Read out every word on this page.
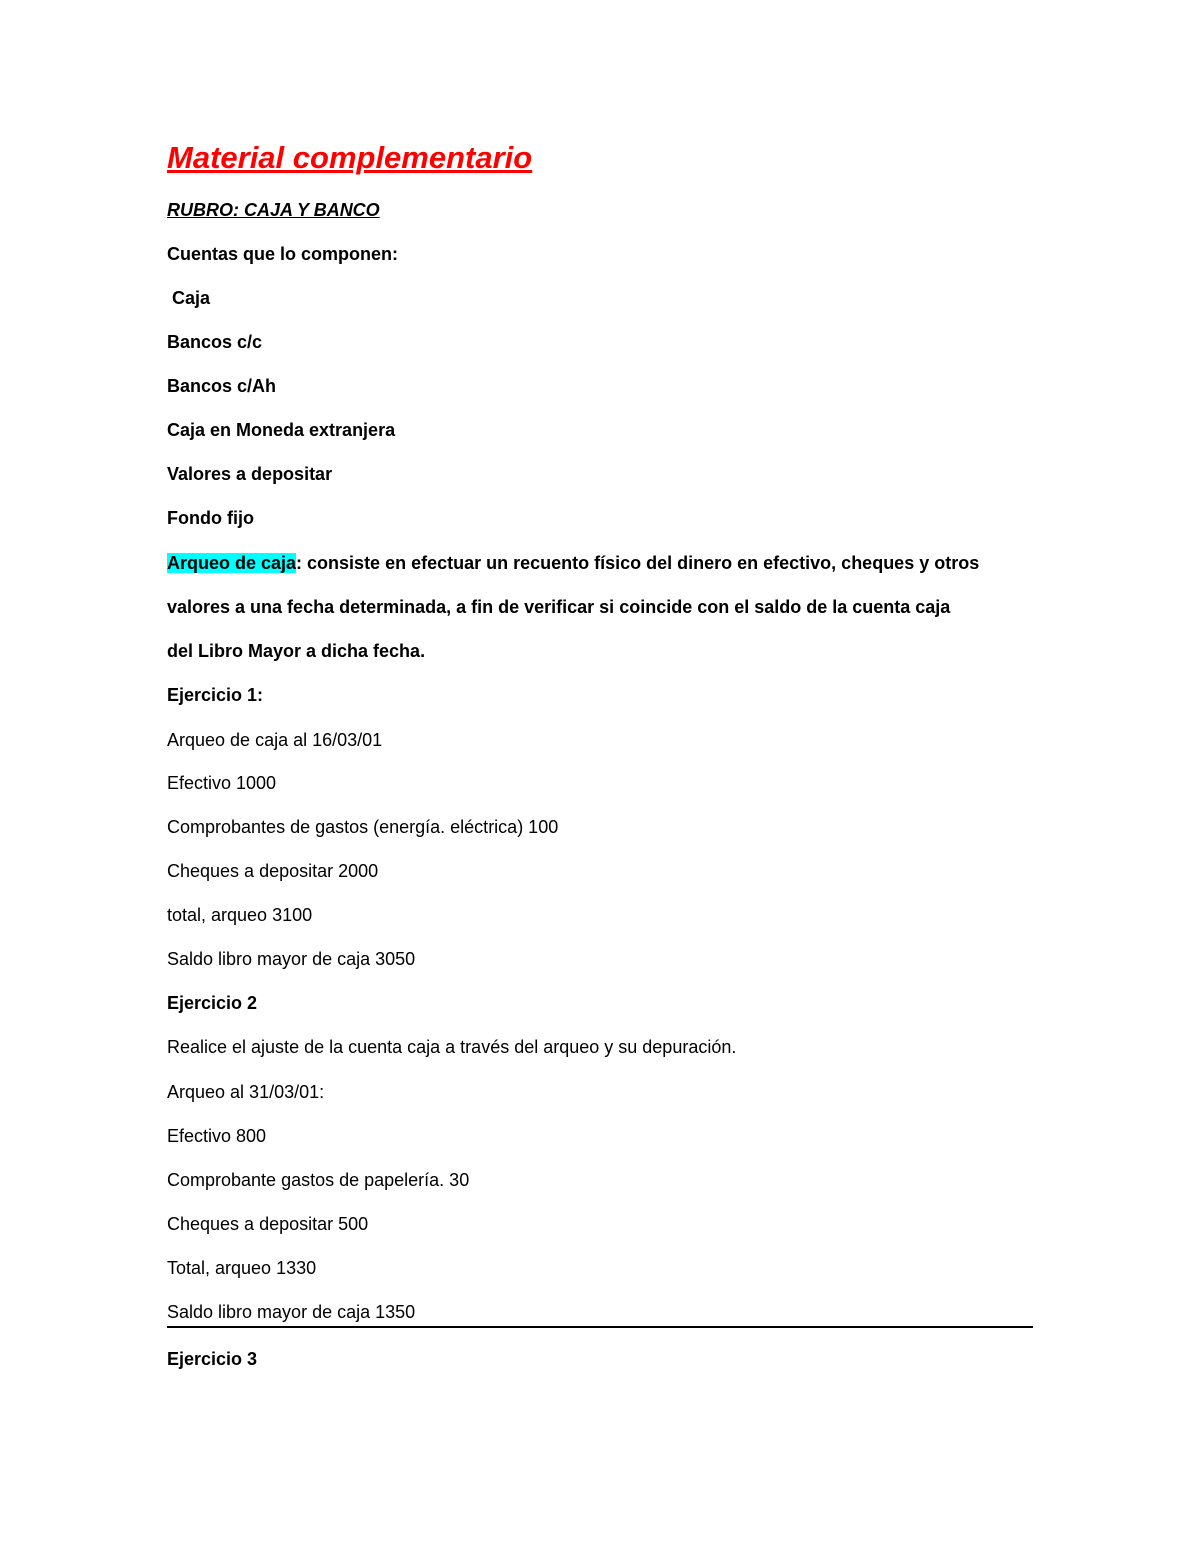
Material complementario
RUBRO: CAJA Y BANCO
Cuentas que lo componen:
Caja
Bancos c/c
Bancos c/Ah
Caja en Moneda extranjera
Valores a depositar
Fondo fijo
Arqueo de caja: consiste en efectuar un recuento físico del dinero en efectivo, cheques y otros
valores a una fecha determinada, a fin de verificar si coincide con el saldo de la cuenta caja
del Libro Mayor a dicha fecha.
Ejercicio 1:
Arqueo de caja al 16/03/01
Efectivo 1000
Comprobantes de gastos (energía. eléctrica) 100
Cheques a depositar 2000
total, arqueo 3100
Saldo libro mayor de caja 3050
Ejercicio 2
Realice el ajuste de la cuenta caja a través del arqueo y su depuración.
Arqueo al 31/03/01:
Efectivo 800
Comprobante gastos de papelería. 30
Cheques a depositar 500
Total, arqueo 1330
Saldo libro mayor de caja 1350
Ejercicio 3
